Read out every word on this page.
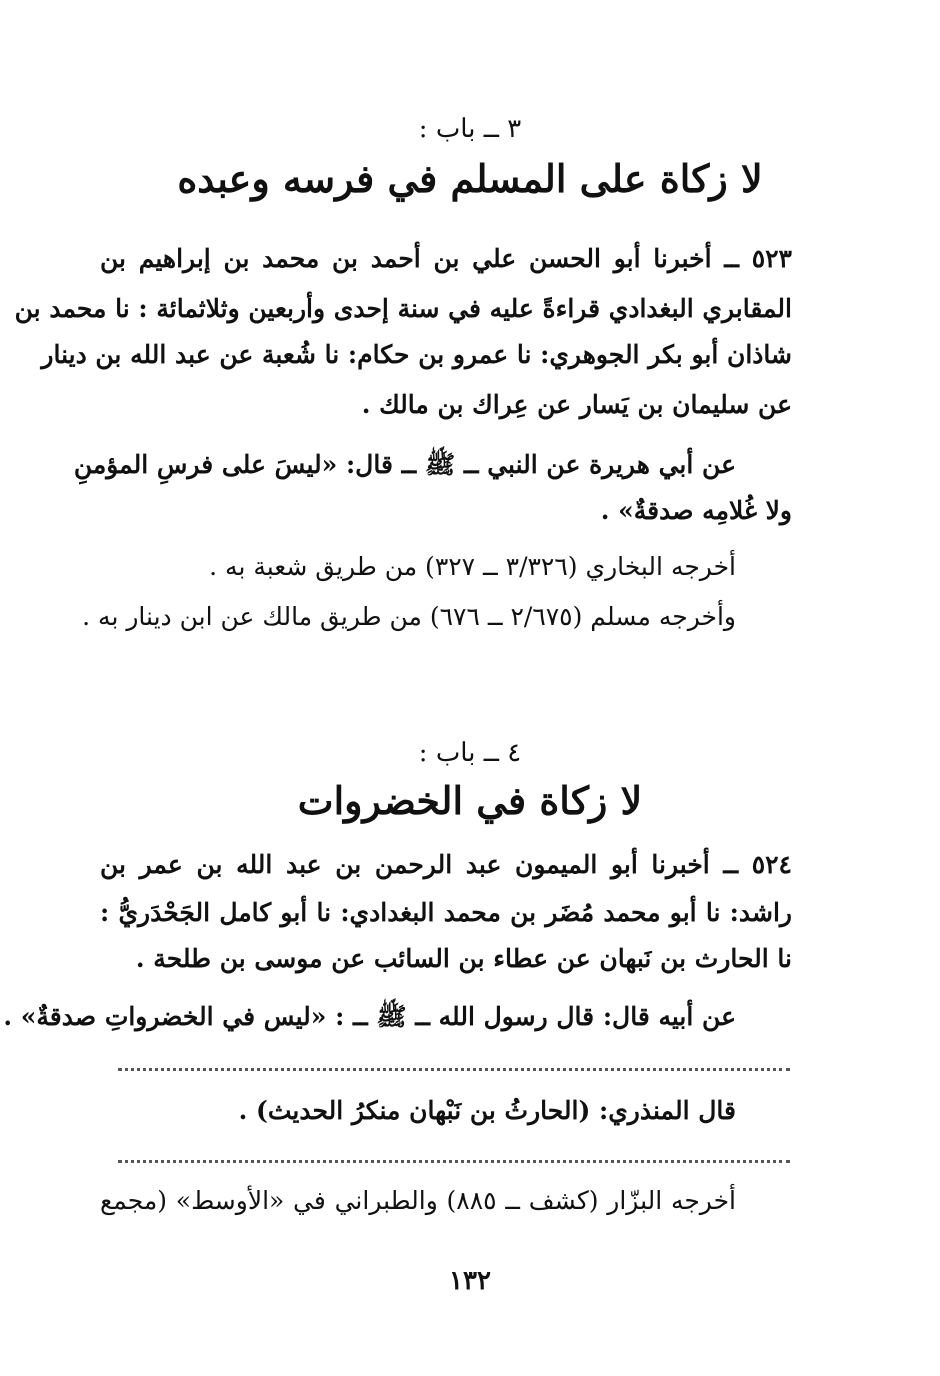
٣ ــ باب :
لا زكاة على المسلم في فرسه وعبده
٥٢٣ ــ أخبرنا أبو الحسن علي بن أحمد بن محمد بن إبراهيم بن
المقابري البغدادي قراءةً عليه في سنة إحدى وأربعين وثلاثمائة : نا محمد بن
شاذان أبو بكر الجوهري: نا عمرو بن حكام: نا شُعبة عن عبد الله بن دينار
عن سليمان بن يَسار عن عِراك بن مالك .
عن أبي هريرة عن النبي ــ ﷺ ــ قال: «ليسَ على فرسِ المؤمنِ
ولا غُلامِه صدقةٌ» .
أخرجه البخاري (٣/٣٢٦ ــ ٣٢٧) من طريق شعبة به .
وأخرجه مسلم (٢/٦٧٥ ــ ٦٧٦) من طريق مالك عن ابن دينار به .
٤ ــ باب :
لا زكاة في الخضروات
٥٢٤ ــ أخبرنا أبو الميمون عبد الرحمن بن عبد الله بن عمر بن
راشد: نا أبو محمد مُضَر بن محمد البغدادي: نا أبو كامل الجَحْدَريُّ :
نا الحارث بن نَبهان عن عطاء بن السائب عن موسى بن طلحة .
عن أبيه قال: قال رسول الله ــ ﷺ ــ : «ليس في الخضرواتِ صدقةٌ» .
قال المنذري: (الحارثُ بن نَبْهان منكرُ الحديث) .
أخرجه البزّار (كشف ــ ٨٨٥) والطبراني في «الأوسط» (مجمع
١٣٢
